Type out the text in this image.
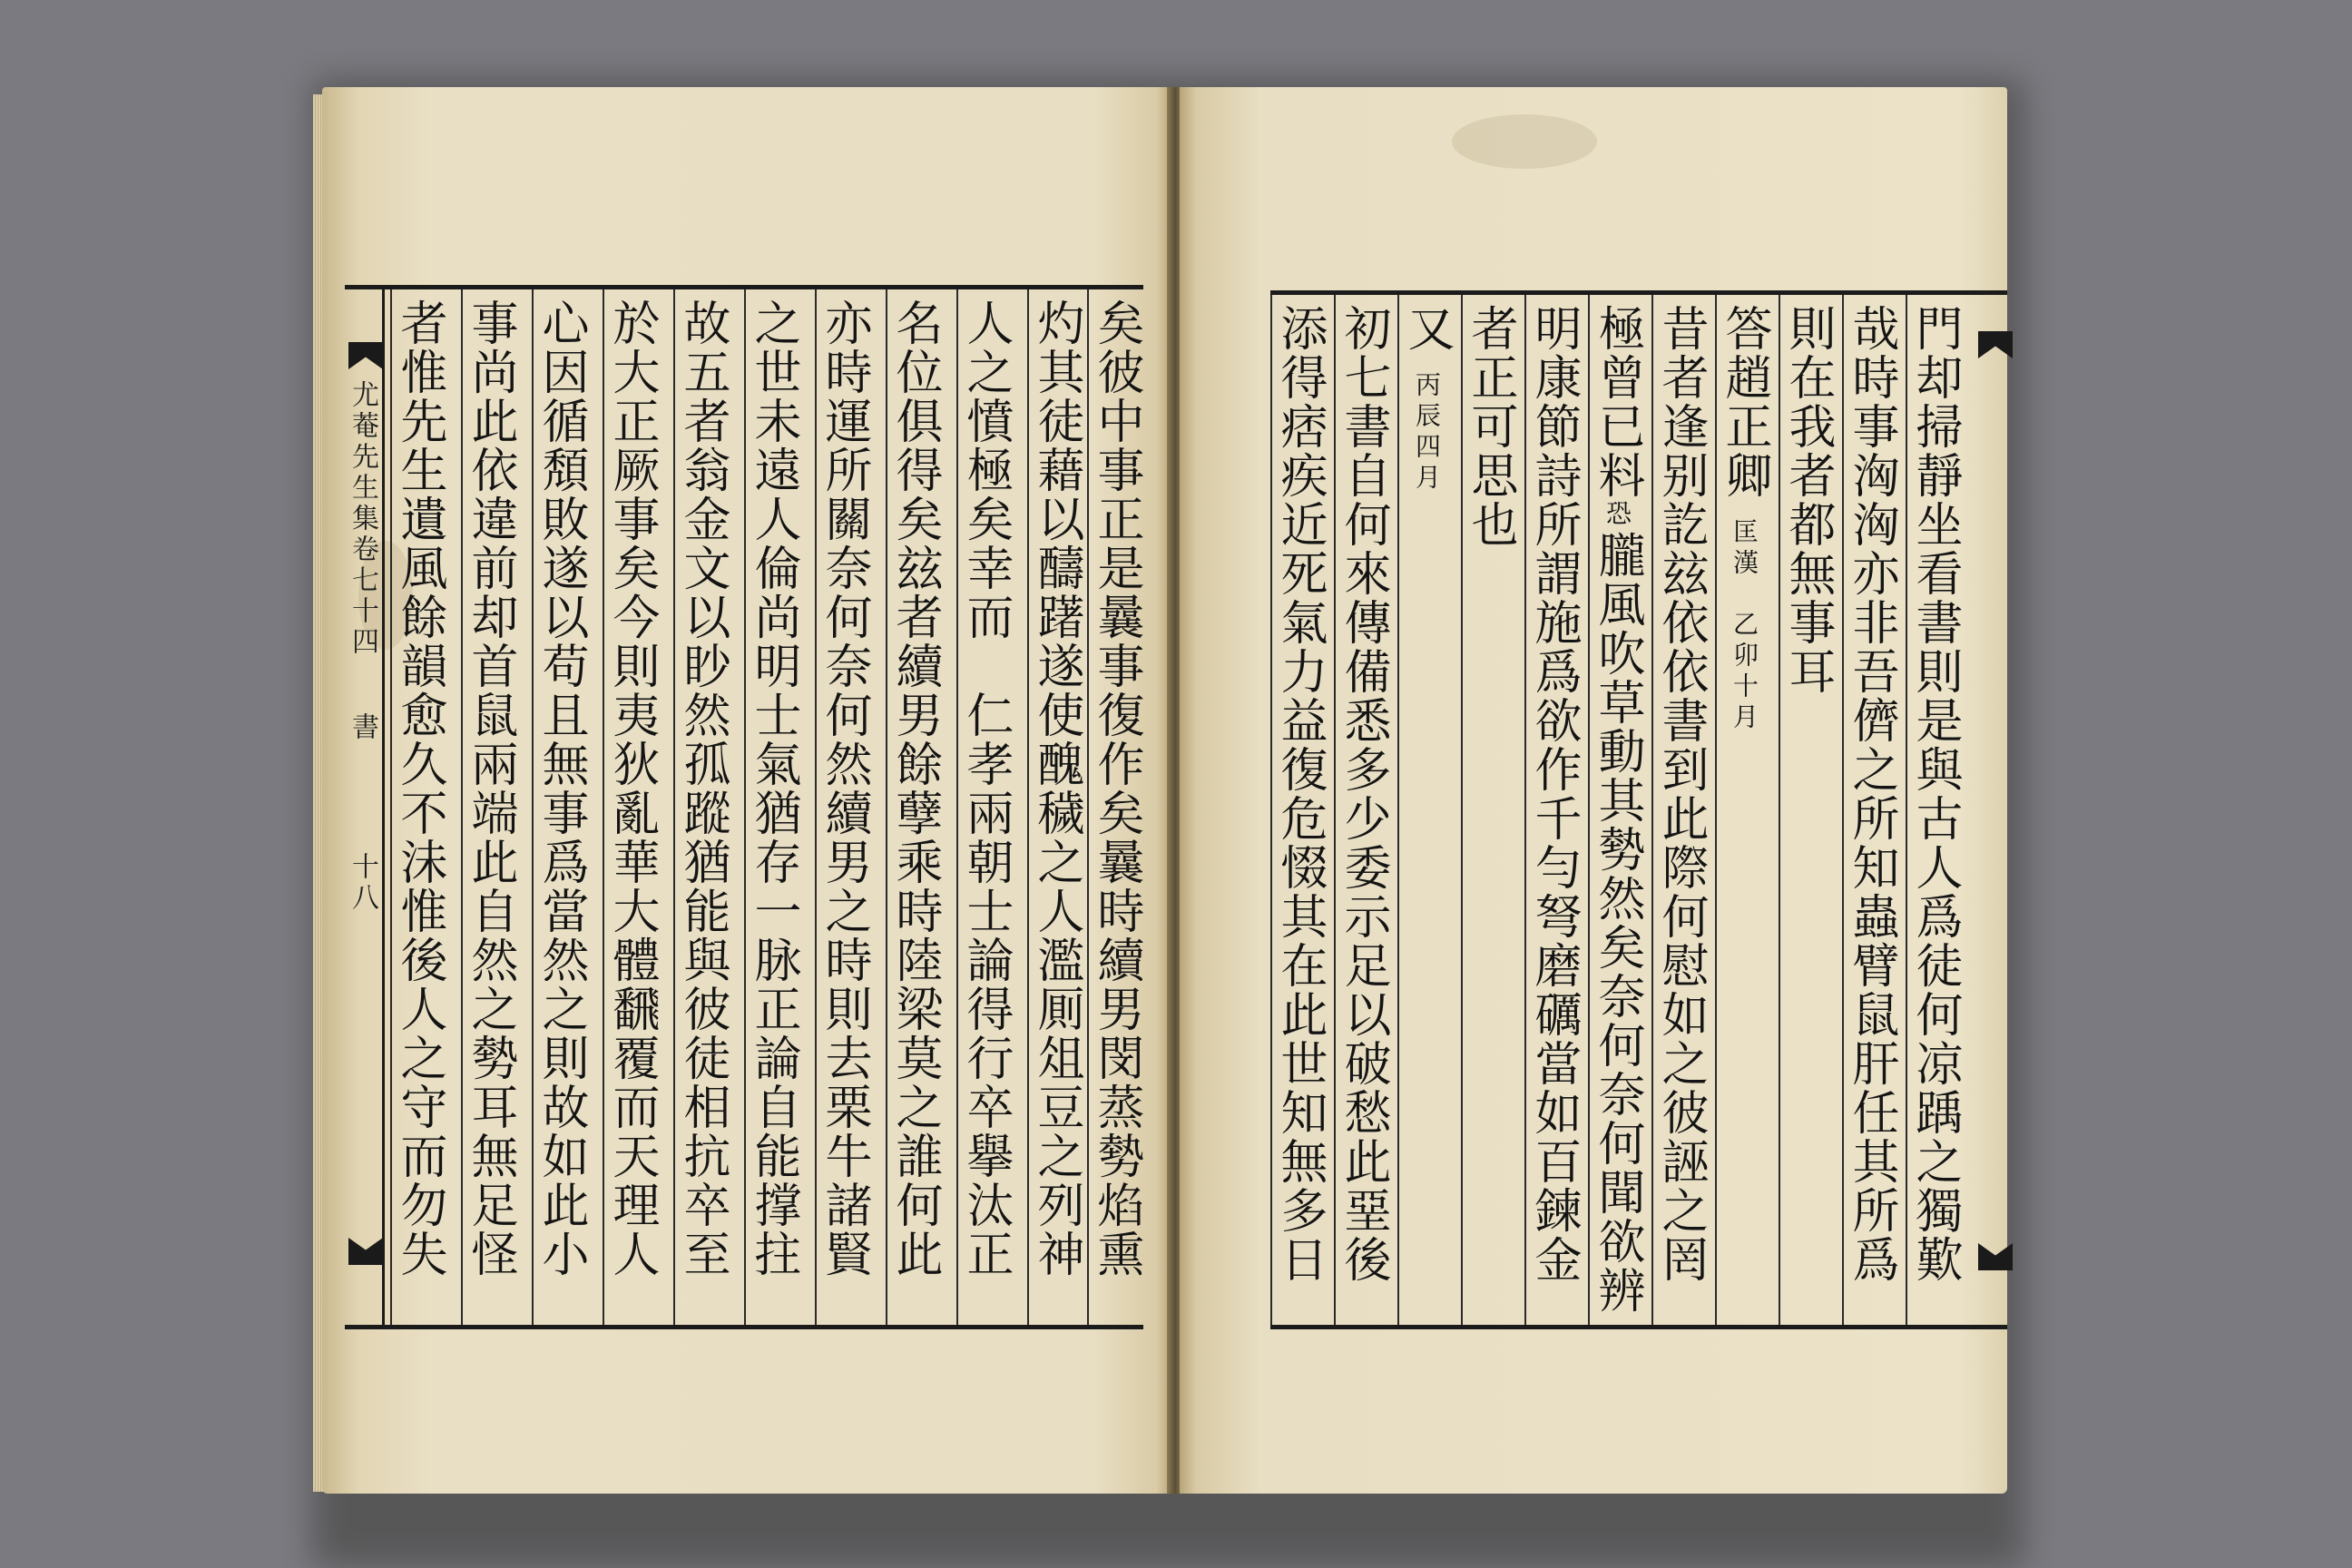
尤菴先生集卷七十四書十八 者惟先生遺風餘韻愈久不沬惟後人之守而勿失 事尚此依違前却首鼠兩端此自然之勢耳無足怪 心因循頽敗遂以苟且無事爲當然之則故如此小 於大正厥事矣今則夷狄亂華大體飜覆而天理人 故五者翁金文以眇然孤蹤猶能與彼徒相抗卒至 之世未遠人倫尚明士氣猶存一脉正論自能撑拄 亦時運所關奈何奈何然續男之時則去栗牛諸賢 名位俱得矣玆者續男餘孽乘時陸梁莫之誰何此 人之憤極矣幸而　仁孝兩朝士論得行卒擧汰正 灼其徒藉以醻躇遂使醜穢之人濫厠俎豆之列神 矣彼中事正是曩事復作矣曩時續男閔蒸勢焰熏	添得痞疾近死氣力益復危惙其在此世知無多日 初七書自何來傳備悉多少委示足以破愁此堊後 又丙辰四月 者正可思也 明康節詩所謂施爲欲作千勻弩磨礪當如百鍊金 極曾已料恐朧風吹草動其勢然矣奈何奈何聞欲辨 昔者逢别訖玆依依書到此際何慰如之彼誣之罔 答趙正卿匡漢　乙卯十月 則在我者都無事耳 哉時事洶洶亦非吾儕之所知蟲臂鼠肝任其所爲 門却掃靜坐看書則是與古人爲徒何凉踽之獨歎
